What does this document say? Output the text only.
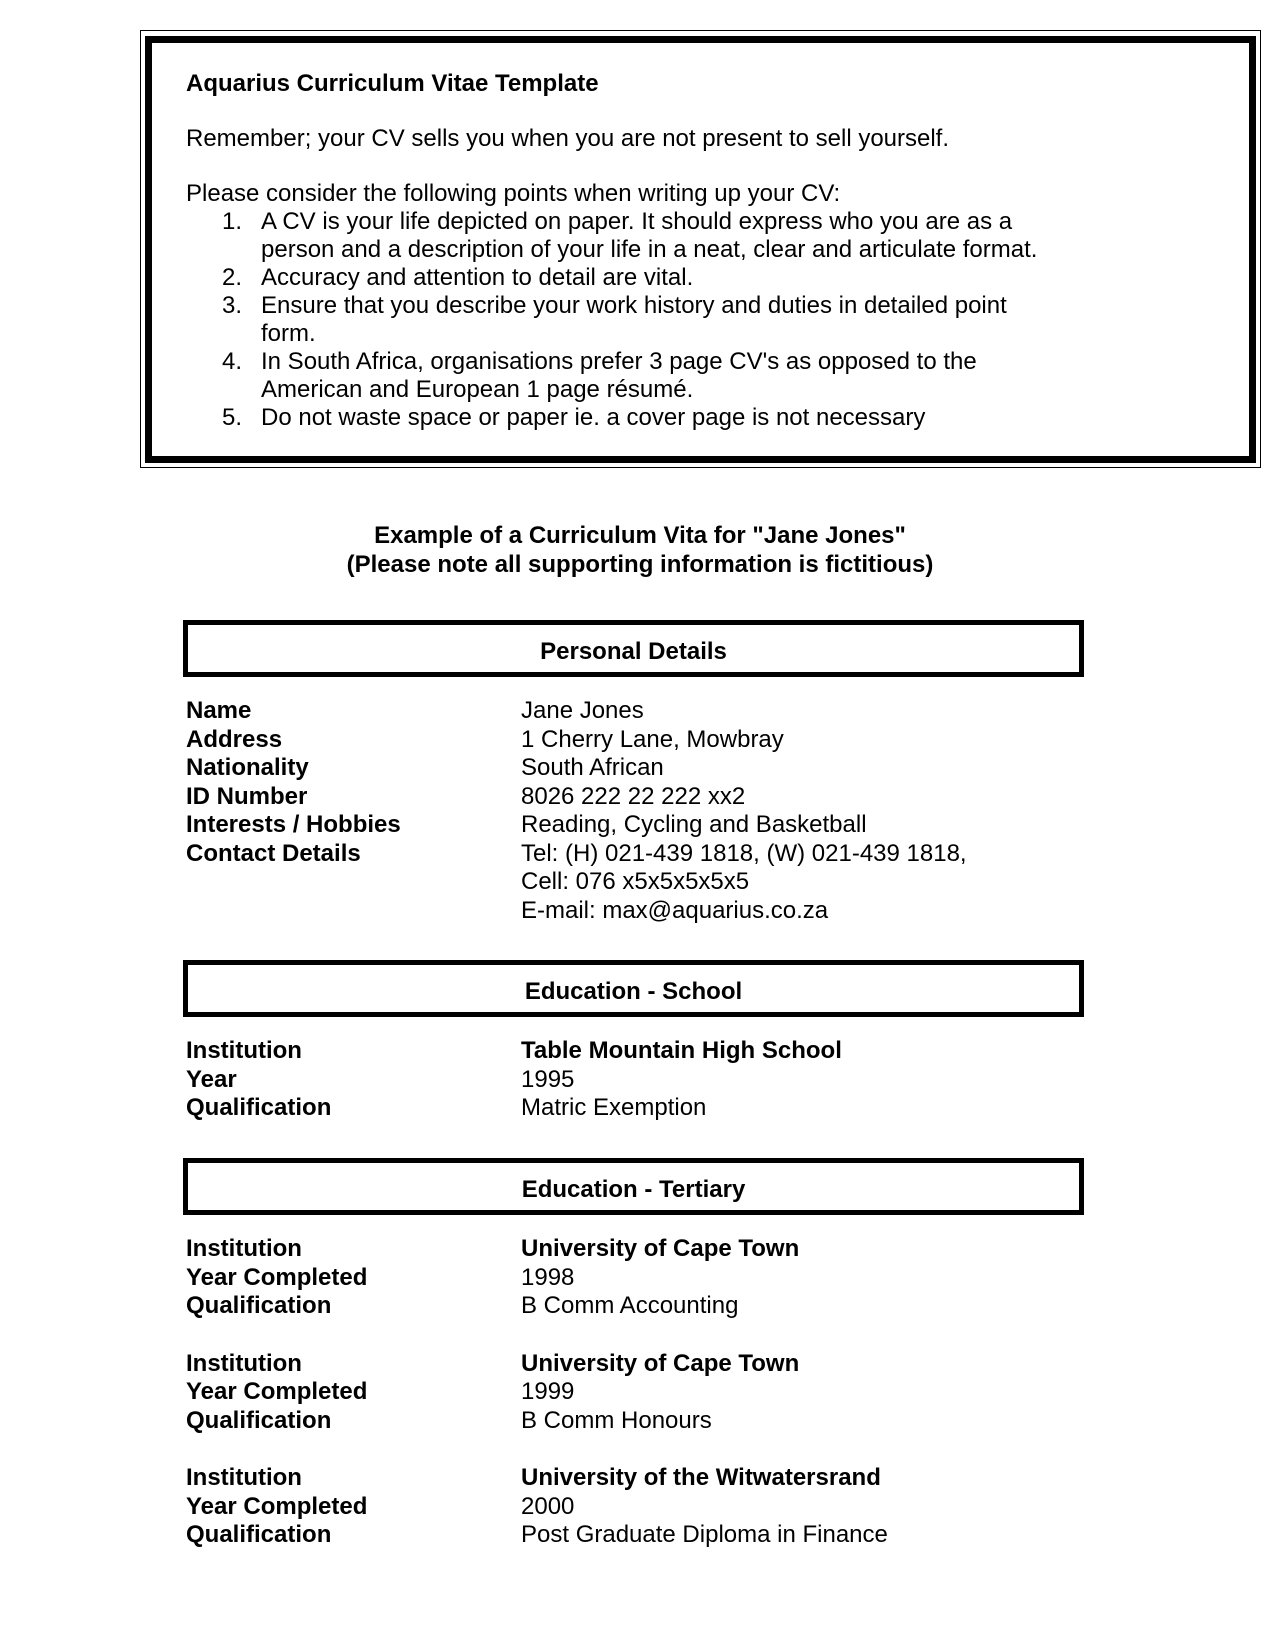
Aquarius Curriculum Vitae Template

Remember; your CV sells you when you are not present to sell yourself.

Please consider the following points when writing up your CV:

1. A CV is your life depicted on paper. It should express who you are as a
person and a description of your life in a neat, clear and articulate format.
2. Accuracy and attention to detail are vital.
3. Ensure that you describe your work history and duties in detailed point
form.
4. In South Africa, organisations prefer 3 page CV's as opposed to the
American and European 1 page résumé.
5. Do not waste space or paper ie. a cover page is not necessary
Example of a Curriculum Vita for "Jane Jones"
(Please note all supporting information is fictitious)
Personal Details
Name	Jane Jones
Address	1 Cherry Lane, Mowbray
Nationality	South African
ID Number	8026 222 22 222 xx2
Interests / Hobbies	Reading, Cycling and Basketball
Contact Details	Tel: (H) 021-439 1818, (W) 021-439 1818,

Cell: 076 x5x5x5x5x5

E-mail: max@aquarius.co.za
Education - School
Institution	Table Mountain High School
Year	1995
Qualification	Matric Exemption
Education - Tertiary
Institution	University of Cape Town
Year Completed	1998
Qualification	B Comm Accounting
Institution	University of Cape Town
Year Completed	1999
Qualification	B Comm Honours
Institution	University of the Witwatersrand
Year Completed	2000
Qualification	Post Graduate Diploma in Finance
